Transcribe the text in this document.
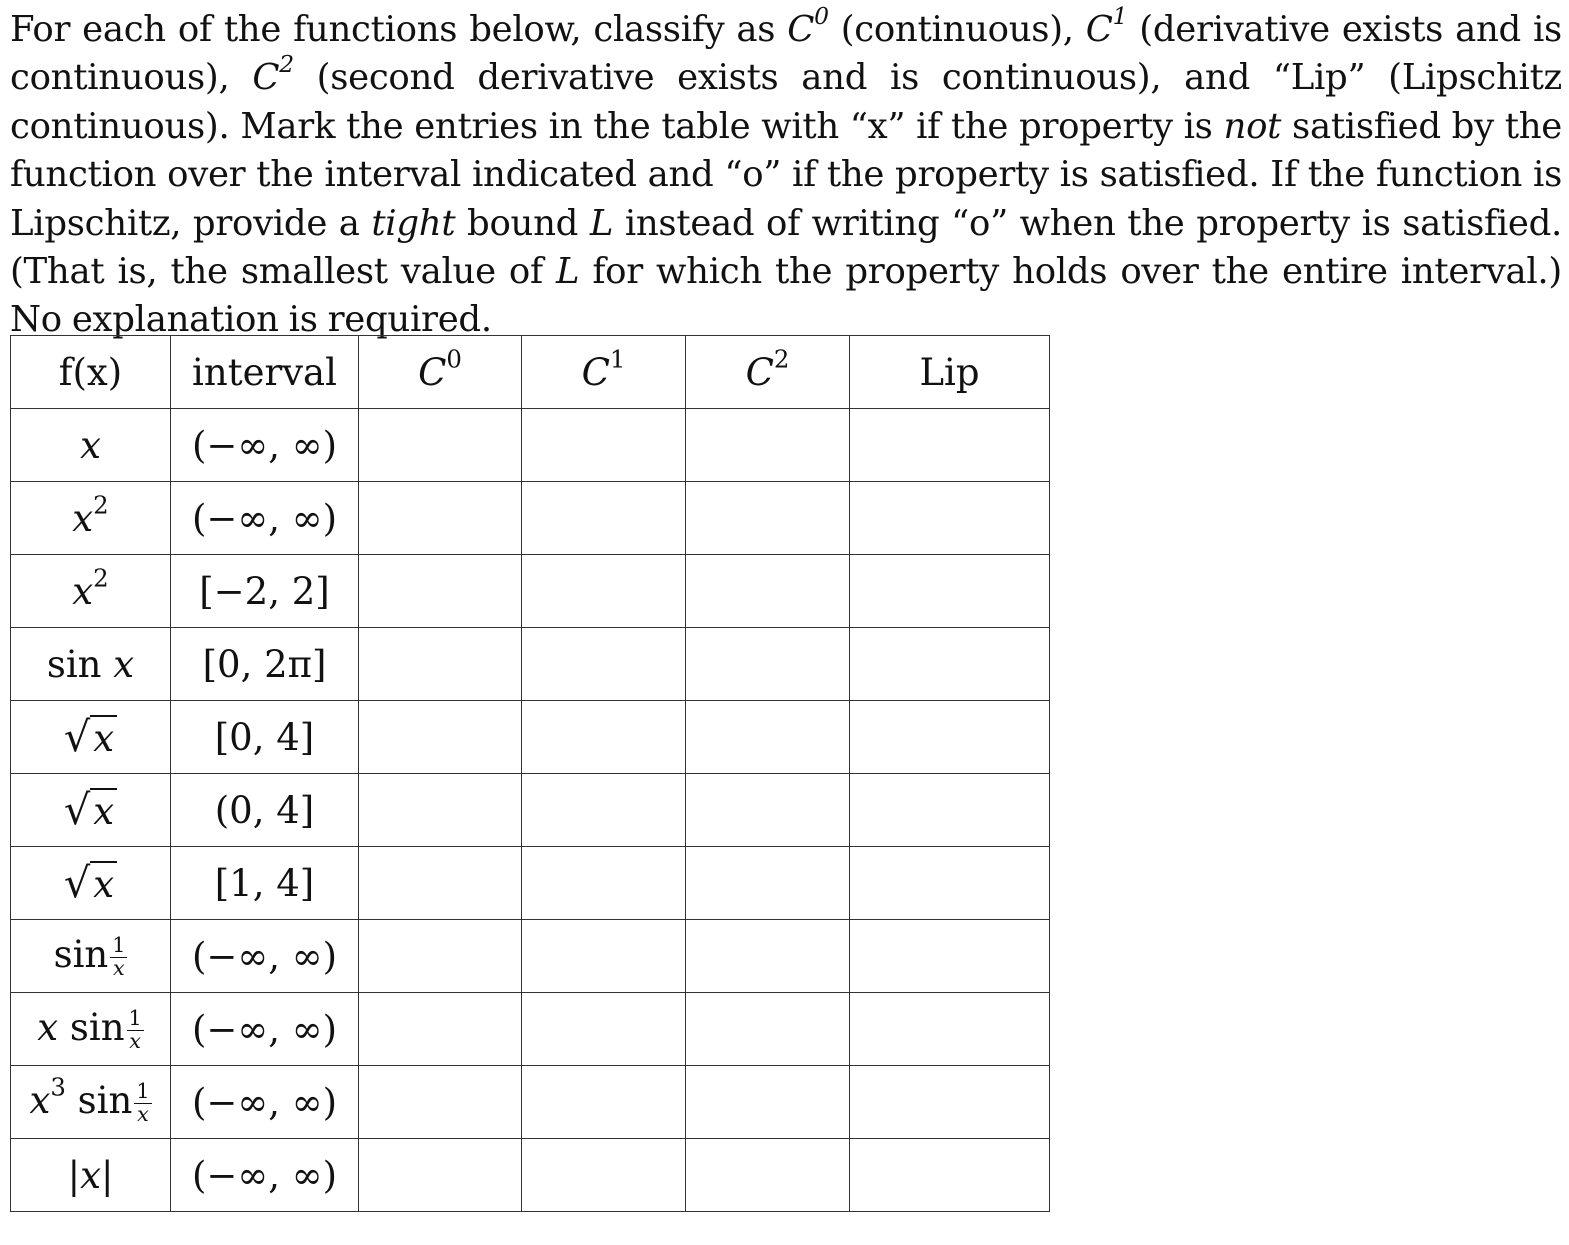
For each of the functions below, classify as $C^0$ (continuous), $C^1$ (derivative exists and is continuous), $C^2$ (second derivative exists and is continuous), and “Lip” (Lipschitz continuous). Mark the entries in the table with “x” if the property is not satisfied by the function over the interval indicated and “o” if the property is satisfied. If the function is Lipschitz, provide a tight bound L instead of writing “o” when the property is satisfied. (That is, the smallest value of L for which the property holds over the entire interval.) No explanation is required.

f(x)	interval	$C^0$	$C^1$	$C^2$	Lip
x	(−∞, ∞)				
$x^2$	(−∞, ∞)				
$x^2$	[−2, 2]				
sin x	[0, 2π]				
√x	[0, 4]				
√x	(0, 4]				
√x	[1, 4]				
$\sin \frac{1}{x}$	(−∞, ∞)				
x $\sin \frac{1}{x}$	(−∞, ∞)				
$x^3$ $\sin \frac{1}{x}$	(−∞, ∞)				
|x|	(−∞, ∞)				
